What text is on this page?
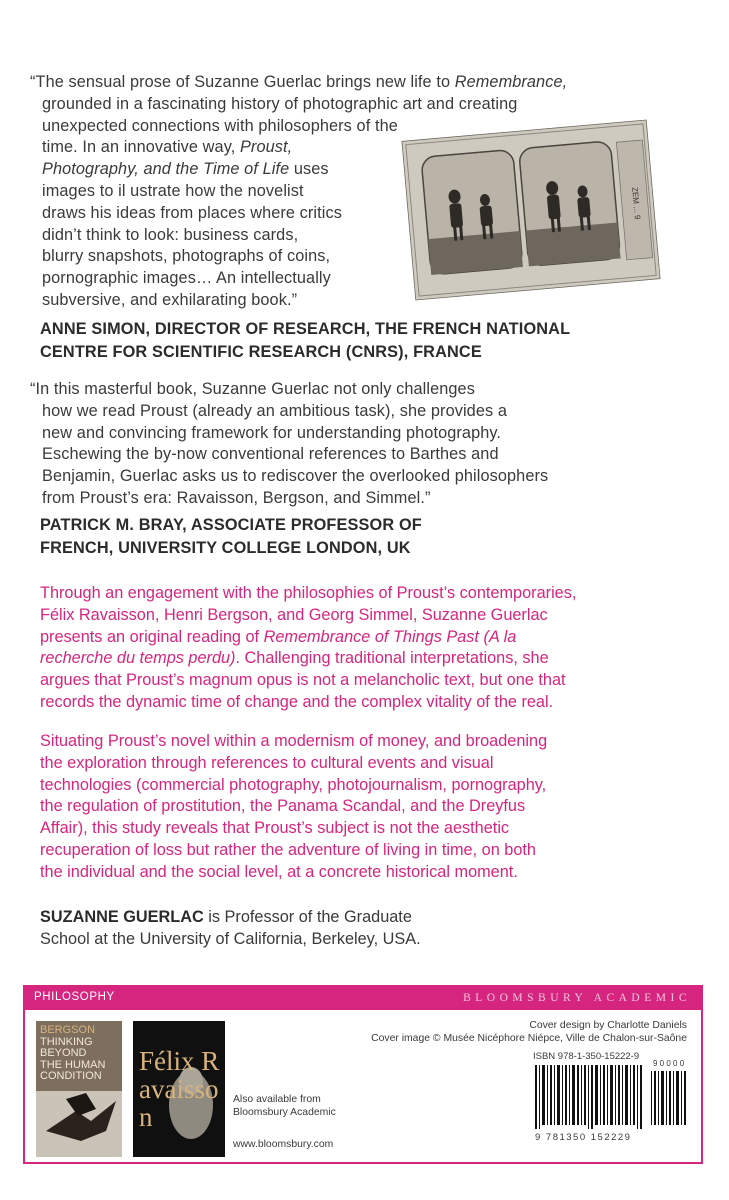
“The sensual prose of Suzanne Guerlac brings new life to Remembrance,
grounded in a fascinating history of photographic art and creating
unexpected connections with philosophers of the
time. In an innovative way, Proust,
Photography, and the Time of Life uses
images to il ustrate how the novelist
draws his ideas from places where critics
didn’t think to look: business cards,
blurry snapshots, photographs of coins,
pornographic images… An intellectually
subversive, and exhilarating book.”
ZEM ... 9
ANNE SIMON, DIRECTOR OF RESEARCH, THE FRENCH NATIONAL
CENTRE FOR SCIENTIFIC RESEARCH (CNRS), FRANCE
“In this masterful book, Suzanne Guerlac not only challenges
how we read Proust (already an ambitious task), she provides a
new and convincing framework for understanding photography.
Eschewing the by-now conventional references to Barthes and
Benjamin, Guerlac asks us to rediscover the overlooked philosophers
from Proust’s era: Ravaisson, Bergson, and Simmel.”
PATRICK M. BRAY, ASSOCIATE PROFESSOR OF
FRENCH, UNIVERSITY COLLEGE LONDON, UK
Through an engagement with the philosophies of Proust’s contemporaries,
Félix Ravaisson, Henri Bergson, and Georg Simmel, Suzanne Guerlac
presents an original reading of Remembrance of Things Past (A la
recherche du temps perdu). Challenging traditional interpretations, she
argues that Proust’s magnum opus is not a melancholic text, but one that
records the dynamic time of change and the complex vitality of the real.
Situating Proust’s novel within a modernism of money, and broadening
the exploration through references to cultural events and visual
technologies (commercial photography, photojournalism, pornography,
the regulation of prostitution, the Panama Scandal, and the Dreyfus
Affair), this study reveals that Proust’s subject is not the aesthetic
recuperation of loss but rather the adventure of living in time, on both
the individual and the social level, at a concrete historical moment.
SUZANNE GUERLAC is Professor of the Graduate
School at the University of California, Berkeley, USA.
PHILOSOPHY	BLOOMSBURY ACADEMIC
BERGSON
THINKING
BEYOND
THE HUMAN
CONDITION Félix Ravaisson
Also available from
Bloomsbury Academic
www.bloomsbury.com
Cover design by Charlotte Daniels
Cover image © Musée Nicéphore Niépce, Ville de Chalon-sur-Saône
ISBN 978-1-350-15222-9
9 0 0 0 0
9 781350 152229
